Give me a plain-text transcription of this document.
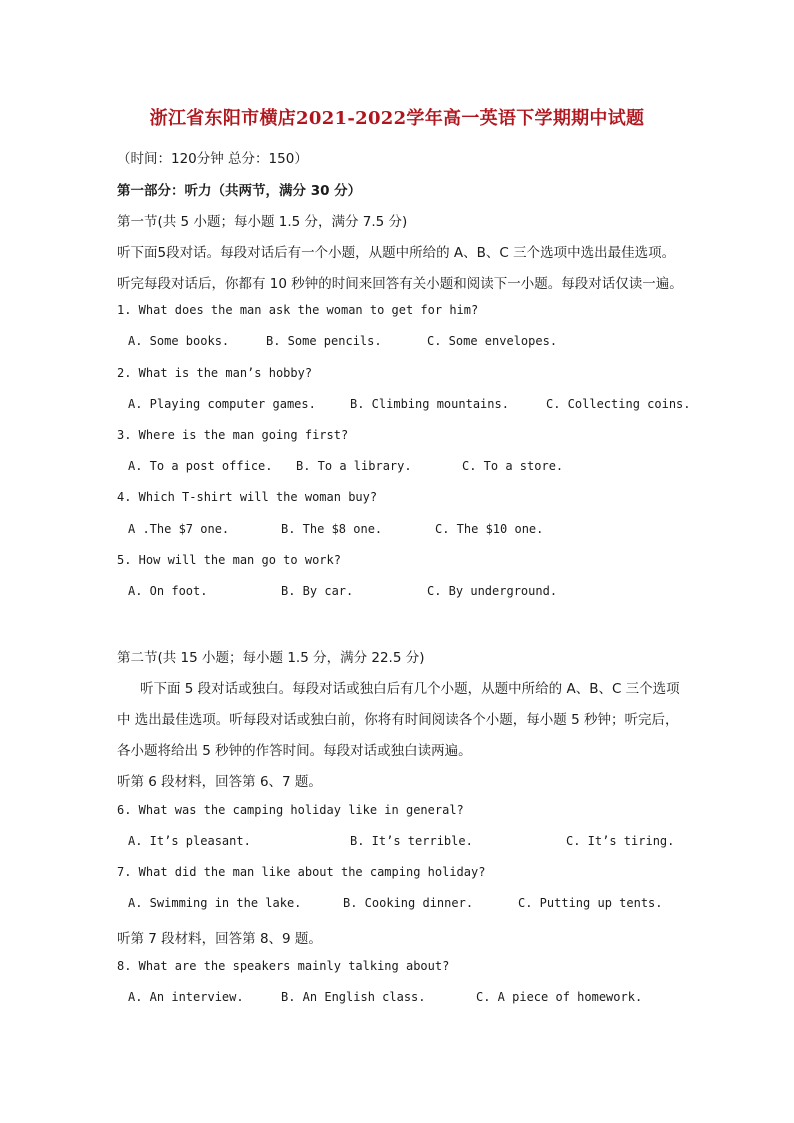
浙江省东阳市横店2021-2022学年高一英语下学期期中试题
（时间：120分钟 总分：150）
第一部分：听力（共两节，满分 30 分）
第一节(共 5 小题；每小题 1.5 分，满分 7.5 分)
听下面5段对话。每段对话后有一个小题，从题中所给的 A、B、C 三个选项中选出最佳选项。
听完每段对话后，你都有 10 秒钟的时间来回答有关小题和阅读下一小题。每段对话仅读一遍。
1. What does the man ask the woman to get for him?
A. Some books.	B. Some pencils.	C. Some envelopes.
2. What is the man’s hobby?
A. Playing computer games.	B. Climbing mountains.	C. Collecting coins.
3. Where is the man going first?
A. To a post office. B. To a library.	C. To a store.
4. Which T-shirt will the woman buy?
A .The $7 one.	B. The $8 one.	C. The $10 one.
5. How will the man go to work?
A. On foot.	B. By car.	C. By underground.
第二节(共 15 小题；每小题 1.5 分，满分 22.5 分)
听下面 5 段对话或独白。每段对话或独白后有几个小题，从题中所给的 A、B、C 三个选项
中 选出最佳选项。听每段对话或独白前，你将有时间阅读各个小题，每小题 5 秒钟；听完后，
各小题将给出 5 秒钟的作答时间。每段对话或独白读两遍。
听第 6 段材料，回答第 6、7 题。
6. What was the camping holiday like in general?
A. It’s pleasant.	B. It’s terrible.	C. It’s tiring.
7. What did the man like about the camping holiday?
A. Swimming in the lake.	B. Cooking dinner.	C. Putting up tents.
听第 7 段材料，回答第 8、9 题。
8. What are the speakers mainly talking about?
A. An interview.	B. An English class.	C. A piece of homework.
